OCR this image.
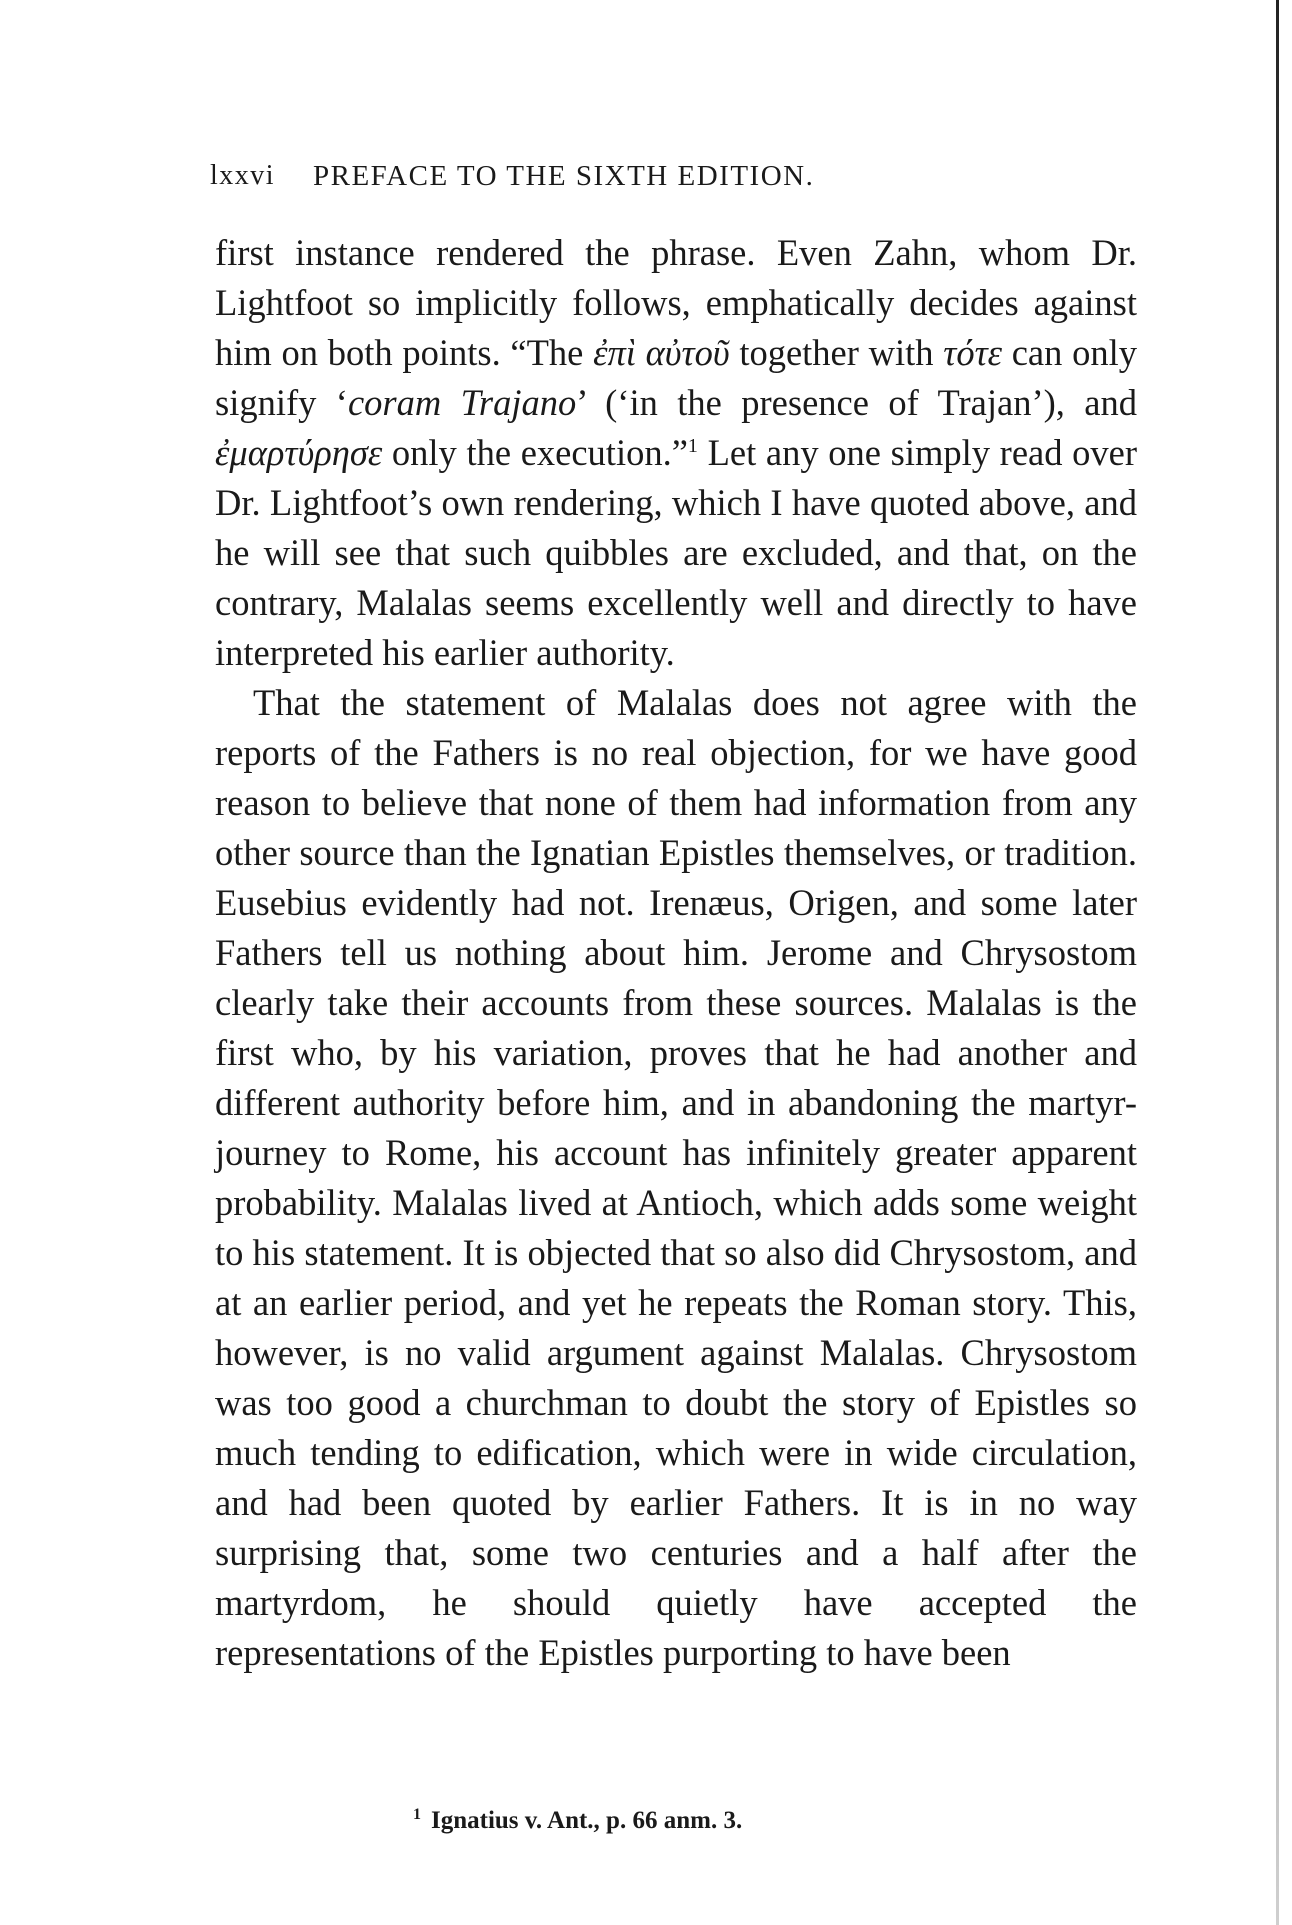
lxxvi PREFACE TO THE SIXTH EDITION.

first instance rendered the phrase. Even Zahn, whom Dr. Lightfoot so implicitly follows, emphatically decides against him on both points. “The ἐπὶ αὐτοῦ together with τότε can only signify ‘coram Trajano’ (‘in the presence of Trajan’), and ἐμαρτύρησε only the execution.”$^1$ Let any one simply read over Dr. Lightfoot’s own rendering, which I have quoted above, and he will see that such quibbles are excluded, and that, on the contrary, Malalas seems excellently well and directly to have interpreted his earlier authority.

That the statement of Malalas does not agree with the reports of the Fathers is no real objection, for we have good reason to believe that none of them had information from any other source than the Ignatian Epistles themselves, or tradition. Eusebius evidently had not. Irenæus, Origen, and some later Fathers tell us nothing about him. Jerome and Chrysostom clearly take their accounts from these sources. Malalas is the first who, by his variation, proves that he had another and different authority before him, and in abandoning the martyr-journey to Rome, his account has infinitely greater apparent probability. Malalas lived at Antioch, which adds some weight to his statement. It is objected that so also did Chrysostom, and at an earlier period, and yet he repeats the Roman story. This, however, is no valid argument against Malalas. Chrysostom was too good a churchman to doubt the story of Epistles so much tending to edification, which were in wide circulation, and had been quoted by earlier Fathers. It is in no way surprising that, some two centuries and a half after the martyrdom, he should quietly have accepted the representations of the Epistles purporting to have been

$^1$ Ignatius v. Ant., p. 66 anm. 3.
